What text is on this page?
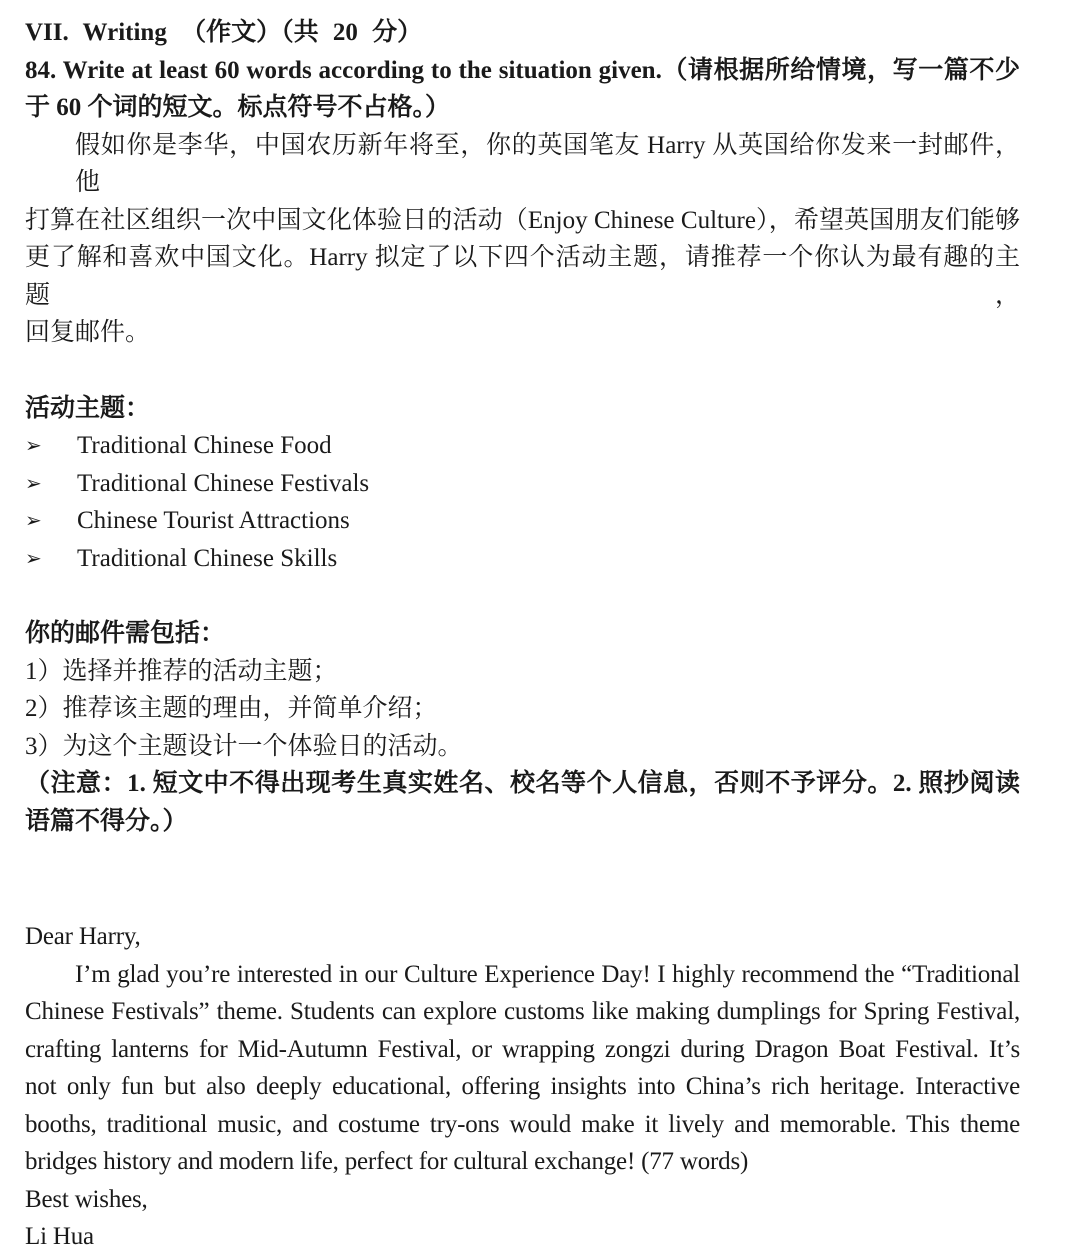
VII. Writing （作文）（共 20 分）
84. Write at least 60 words according to the situation given.（请根据所给情境，写一篇不少
于 60 个词的短文。标点符号不占格。）
假如你是李华，中国农历新年将至，你的英国笔友 Harry 从英国给你发来一封邮件，他
打算在社区组织一次中国文化体验日的活动（Enjoy Chinese Culture），希望英国朋友们能够
更了解和喜欢中国文化。Harry 拟定了以下四个活动主题，请推荐一个你认为最有趣的主题，
回复邮件。
活动主题：
➢	Traditional Chinese Food
➢	Traditional Chinese Festivals
➢	Chinese Tourist Attractions
➢	Traditional Chinese Skills
你的邮件需包括：
1）选择并推荐的活动主题；
2）推荐该主题的理由，并简单介绍；
3）为这个主题设计一个体验日的活动。
（注意：1. 短文中不得出现考生真实姓名、校名等个人信息，否则不予评分。2. 照抄阅读
语篇不得分。）
Dear Harry,
I’m glad you’re interested in our Culture Experience Day! I highly recommend the “Traditional
Chinese Festivals” theme. Students can explore customs like making dumplings for Spring Festival,
crafting lanterns for Mid-Autumn Festival, or wrapping zongzi during Dragon Boat Festival. It’s
not only fun but also deeply educational, offering insights into China’s rich heritage. Interactive
booths, traditional music, and costume try-ons would make it lively and memorable. This theme
bridges history and modern life, perfect for cultural exchange! (77 words)
Best wishes,
Li Hua
